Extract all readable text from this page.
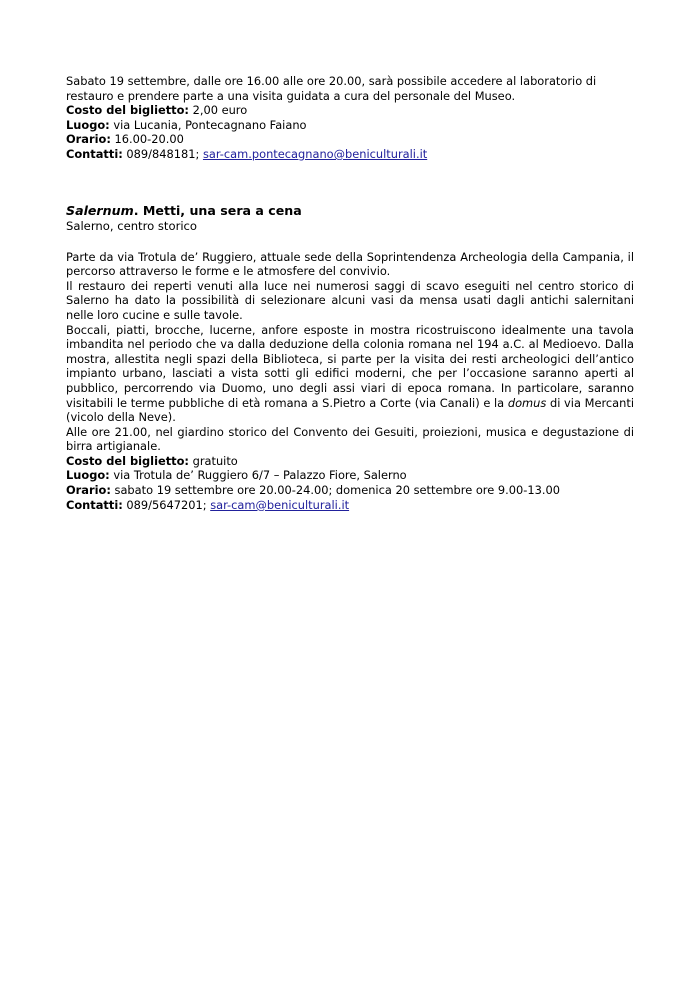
Sabato 19 settembre, dalle ore 16.00 alle ore 20.00, sarà possibile accedere al laboratorio di restauro e prendere parte a una visita guidata a cura del personale del Museo.

Costo del biglietto: 2,00 euro

Luogo: via Lucania, Pontecagnano Faiano

Orario: 16.00-20.00

Contatti: 089/848181; sar-cam.pontecagnano@beniculturali.it

Salernum. Metti, una sera a cena

Salerno, centro storico

Parte da via Trotula de’ Ruggiero, attuale sede della Soprintendenza Archeologia della Campania, il percorso attraverso le forme e le atmosfere del convivio.

Il restauro dei reperti venuti alla luce nei numerosi saggi di scavo eseguiti nel centro storico di Salerno ha dato la possibilità di selezionare alcuni vasi da mensa usati dagli antichi salernitani nelle loro cucine e sulle tavole.

Boccali, piatti, brocche, lucerne, anfore esposte in mostra ricostruiscono idealmente una tavola imbandita nel periodo che va dalla deduzione della colonia romana nel 194 a.C. al Medioevo. Dalla mostra, allestita negli spazi della Biblioteca, si parte per la visita dei resti archeologici dell’antico impianto urbano, lasciati a vista sotti gli edifici moderni, che per l’occasione saranno aperti al pubblico, percorrendo via Duomo, uno degli assi viari di epoca romana. In particolare, saranno visitabili le terme pubbliche di età romana a S.Pietro a Corte (via Canali) e la domus di via Mercanti (vicolo della Neve).

Alle ore 21.00, nel giardino storico del Convento dei Gesuiti, proiezioni, musica e degustazione di birra artigianale.

Costo del biglietto: gratuito

Luogo: via Trotula de’ Ruggiero 6/7 – Palazzo Fiore, Salerno

Orario: sabato 19 settembre ore 20.00-24.00; domenica 20 settembre ore 9.00-13.00

Contatti: 089/5647201; sar-cam@beniculturali.it
